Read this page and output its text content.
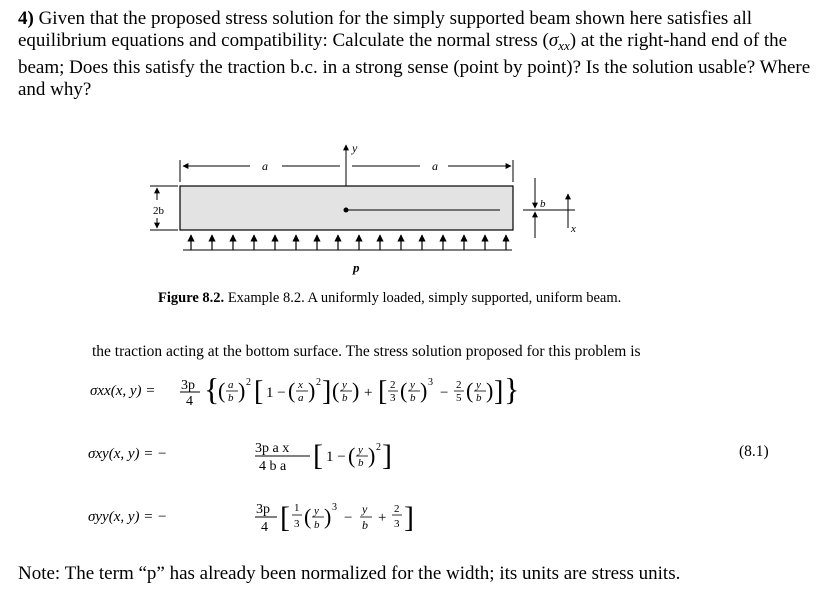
4) Given that the proposed stress solution for the simply supported beam shown here satisfies all equilibrium equations and compatibility: Calculate the normal stress $(\sigma_{xx})$ at the right-hand end of the beam; Does this satisfy the traction b.c. in a strong sense (point by point)? Is the solution usable? Where and why?
a	a
y
2b
b
x
p
σxx(x, y) = 3p
4 {
( a
b ) 2 [ 1 − ( x
a ) 2 ] ( y
b ) + [ 2
3 ( y
b ) 3
− 2
5 ( y
b ) ] }
σxy(x, y) = −	3p a x
4 b a [ 1 − ( y
b ) 2 ]
σyy(x, y) = −	3p
4 [ 1
3 ( y
b ) 3
−
y
b +
2
3 ]
Figure 8.2. Example 8.2. A uniformly loaded, simply supported, uniform beam.
the traction acting at the bottom surface. The stress solution proposed for this problem is
(8.1)
Note: The term “p” has already been normalized for the width; its units are stress units.
